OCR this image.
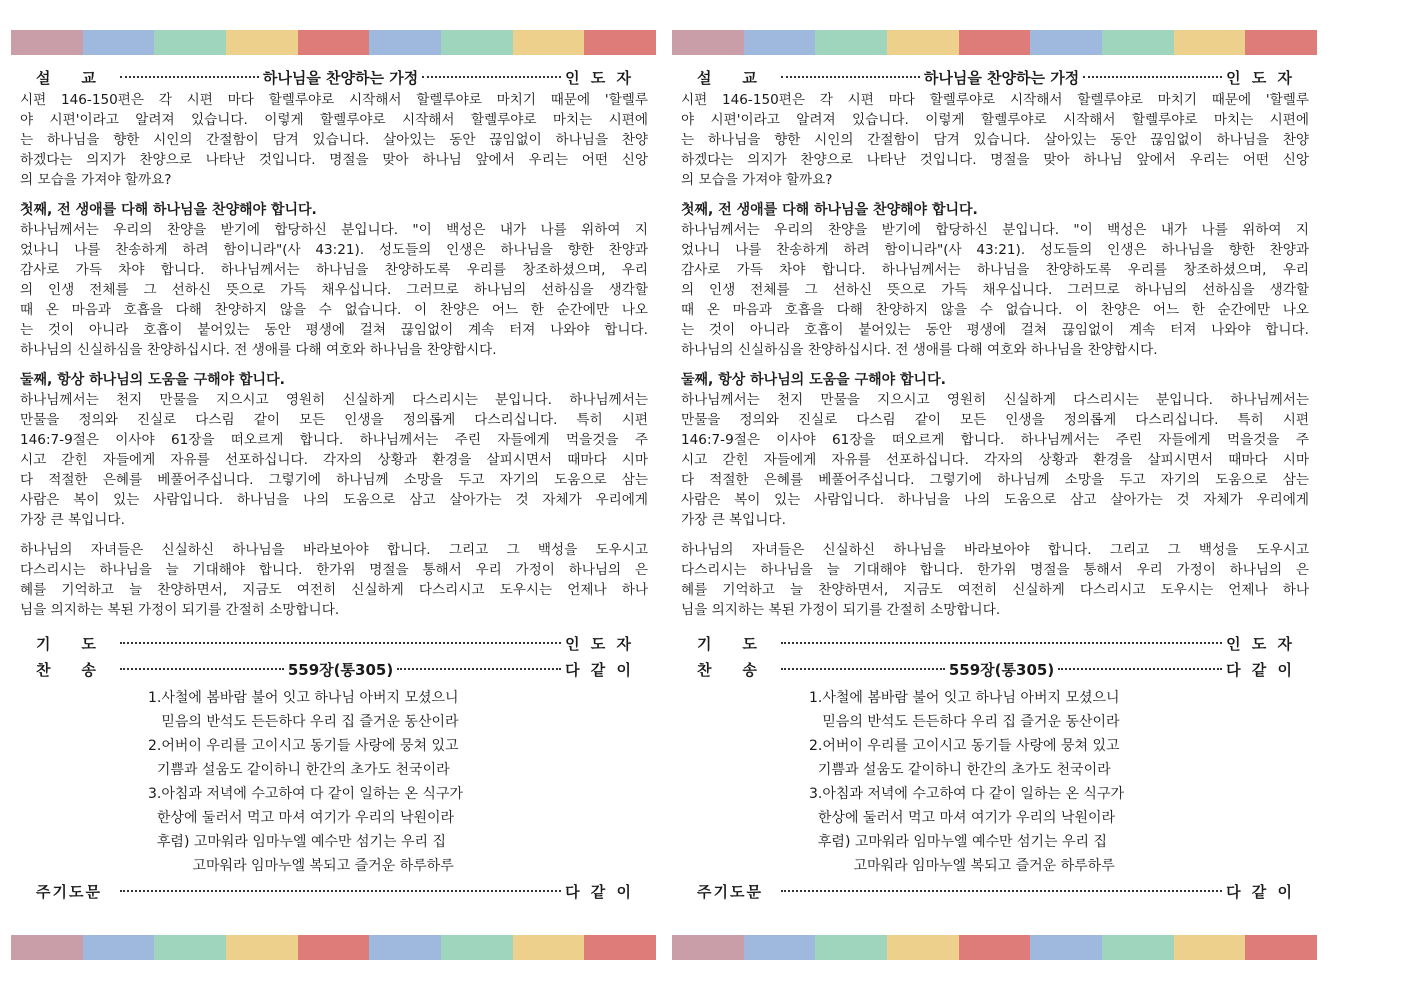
설    교	하나님을 찬양하는 가정	인 도 자
시편 146-150편은 각 시편 마다 할렐루야로 시작해서 할렐루야로 마치기 때문에 '할렐루
야 시편'이라고 알려져 있습니다. 이렇게 할렐루야로 시작해서 할렐루야로 마치는 시편에
는 하나님을 향한 시인의 간절함이 담겨 있습니다. 살아있는 동안 끊임없이 하나님을 찬양
하겠다는 의지가 찬양으로 나타난 것입니다. 명절을 맞아 하나님 앞에서 우리는 어떤 신앙
의 모습을 가져야 할까요?
첫째, 전 생애를 다해 하나님을 찬양해야 합니다.
하나님께서는 우리의 찬양을 받기에 합당하신 분입니다. "이 백성은 내가 나를 위하여 지
었나니 나를 찬송하게 하려 함이니라"(사 43:21). 성도들의 인생은 하나님을 향한 찬양과
감사로 가득 차야 합니다. 하나님께서는 하나님을 찬양하도록 우리를 창조하셨으며, 우리
의 인생 전체를 그 선하신 뜻으로 가득 채우십니다. 그러므로 하나님의 선하심을 생각할
때 온 마음과 호흡을 다해 찬양하지 않을 수 없습니다. 이 찬양은 어느 한 순간에만 나오
는 것이 아니라 호흡이 붙어있는 동안 평생에 걸쳐 끊임없이 계속 터져 나와야 합니다.
하나님의 신실하심을 찬양하십시다. 전 생애를 다해 여호와 하나님을 찬양합시다.
둘째, 항상 하나님의 도움을 구해야 합니다.
하나님께서는 천지 만물을 지으시고 영원히 신실하게 다스리시는 분입니다. 하나님께서는
만물을 정의와 진실로 다스림 같이 모든 인생을 정의롭게 다스리십니다. 특히 시편
146:7-9절은 이사야 61장을 떠오르게 합니다. 하나님께서는 주린 자들에게 먹을것을 주
시고 갇힌 자들에게 자유를 선포하십니다. 각자의 상황과 환경을 살피시면서 때마다 시마
다 적절한 은혜를 베풀어주십니다. 그렇기에 하나님께 소망을 두고 자기의 도움으로 삼는
사람은 복이 있는 사람입니다. 하나님을 나의 도움으로 삼고 살아가는 것 자체가 우리에게
가장 큰 복입니다.
하나님의 자녀들은 신실하신 하나님을 바라보아야 합니다. 그리고 그 백성을 도우시고
다스리시는 하나님을 늘 기대해야 합니다. 한가위 명절을 통해서 우리 가정이 하나님의 은
혜를 기억하고 늘 찬양하면서, 지금도 여전히 신실하게 다스리시고 도우시는 언제나 하나
님을 의지하는 복된 가정이 되기를 간절히 소망합니다.
기    도	인 도 자
찬    송	559장(통305)	다 같 이
1.사철에 봄바람 불어 잇고 하나님 아버지 모셨으니
믿음의 반석도 든든하다 우리 집 즐거운 동산이라
2.어버이 우리를 고이시고 동기들 사랑에 뭉쳐 있고
기쁨과 설움도 같이하니 한간의 초가도 천국이라
3.아침과 저녁에 수고하여 다 같이 일하는 온 식구가
한상에 둘러서 먹고 마셔 여기가 우리의 낙원이라
후렴) 고마워라 임마누엘 예수만 섬기는 우리 집
고마워라 임마누엘 복되고 즐거운 하루하루
주기도문	다 같 이
설    교	하나님을 찬양하는 가정	인 도 자
시편 146-150편은 각 시편 마다 할렐루야로 시작해서 할렐루야로 마치기 때문에 '할렐루
야 시편'이라고 알려져 있습니다. 이렇게 할렐루야로 시작해서 할렐루야로 마치는 시편에
는 하나님을 향한 시인의 간절함이 담겨 있습니다. 살아있는 동안 끊임없이 하나님을 찬양
하겠다는 의지가 찬양으로 나타난 것입니다. 명절을 맞아 하나님 앞에서 우리는 어떤 신앙
의 모습을 가져야 할까요?
첫째, 전 생애를 다해 하나님을 찬양해야 합니다.
하나님께서는 우리의 찬양을 받기에 합당하신 분입니다. "이 백성은 내가 나를 위하여 지
었나니 나를 찬송하게 하려 함이니라"(사 43:21). 성도들의 인생은 하나님을 향한 찬양과
감사로 가득 차야 합니다. 하나님께서는 하나님을 찬양하도록 우리를 창조하셨으며, 우리
의 인생 전체를 그 선하신 뜻으로 가득 채우십니다. 그러므로 하나님의 선하심을 생각할
때 온 마음과 호흡을 다해 찬양하지 않을 수 없습니다. 이 찬양은 어느 한 순간에만 나오
는 것이 아니라 호흡이 붙어있는 동안 평생에 걸쳐 끊임없이 계속 터져 나와야 합니다.
하나님의 신실하심을 찬양하십시다. 전 생애를 다해 여호와 하나님을 찬양합시다.
둘째, 항상 하나님의 도움을 구해야 합니다.
하나님께서는 천지 만물을 지으시고 영원히 신실하게 다스리시는 분입니다. 하나님께서는
만물을 정의와 진실로 다스림 같이 모든 인생을 정의롭게 다스리십니다. 특히 시편
146:7-9절은 이사야 61장을 떠오르게 합니다. 하나님께서는 주린 자들에게 먹을것을 주
시고 갇힌 자들에게 자유를 선포하십니다. 각자의 상황과 환경을 살피시면서 때마다 시마
다 적절한 은혜를 베풀어주십니다. 그렇기에 하나님께 소망을 두고 자기의 도움으로 삼는
사람은 복이 있는 사람입니다. 하나님을 나의 도움으로 삼고 살아가는 것 자체가 우리에게
가장 큰 복입니다.
하나님의 자녀들은 신실하신 하나님을 바라보아야 합니다. 그리고 그 백성을 도우시고
다스리시는 하나님을 늘 기대해야 합니다. 한가위 명절을 통해서 우리 가정이 하나님의 은
혜를 기억하고 늘 찬양하면서, 지금도 여전히 신실하게 다스리시고 도우시는 언제나 하나
님을 의지하는 복된 가정이 되기를 간절히 소망합니다.
기    도	인 도 자
찬    송	559장(통305)	다 같 이
1.사철에 봄바람 불어 잇고 하나님 아버지 모셨으니
믿음의 반석도 든든하다 우리 집 즐거운 동산이라
2.어버이 우리를 고이시고 동기들 사랑에 뭉쳐 있고
기쁨과 설움도 같이하니 한간의 초가도 천국이라
3.아침과 저녁에 수고하여 다 같이 일하는 온 식구가
한상에 둘러서 먹고 마셔 여기가 우리의 낙원이라
후렴) 고마워라 임마누엘 예수만 섬기는 우리 집
고마워라 임마누엘 복되고 즐거운 하루하루
주기도문	다 같 이
